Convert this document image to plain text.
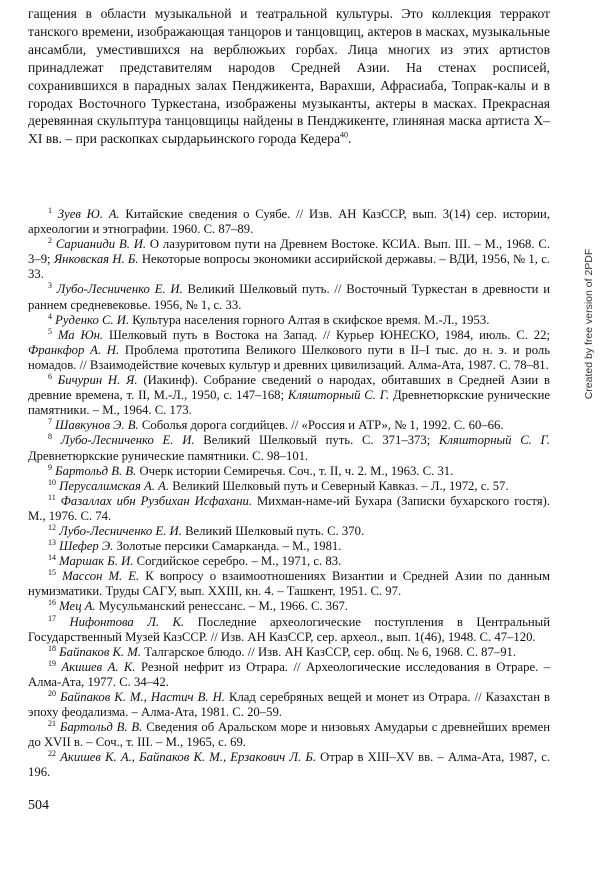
гащения в области музыкальной и театральной культуры. Это коллекция терракот танского времени, изображающая танцоров и танцовщиц, актеров в масках, музыкальные ансамбли, уместившихся на верблюжьих горбах. Лица многих из этих артистов принадлежат представителям народов Средней Азии. На стенах росписей, сохранившихся в парадных залах Пенджикента, Варахши, Афрасиаба, Топрак-калы и в городах Восточного Туркестана, изображены музыканты, актеры в масках. Прекрасная деревянная скульптура танцовщицы найдены в Пенджикенте, глиняная маска артиста X–XI вв. – при раскопках сырдарьинского города Кедера$^{40}$.

$^1$ Зуев Ю. А. Китайские сведения о Суябе. // Изв. АН КазССР, вып. 3(14) сер. истории, археологии и этнографии. 1960. С. 87–89.

$^2$ Сарианиди В. И. О лазуритовом пути на Древнем Востоке. КСИА. Вып. III. – М., 1968. С. 3–9; Янковская Н. Б. Некоторые вопросы экономики ассирийской державы. – ВДИ, 1956, № 1, с. 33.

$^3$ Лубо-Лесниченко Е. И. Великий Шелковый путь. // Восточный Туркестан в древности и раннем средневековье. 1956, № 1, с. 33.

$^4$ Руденко С. И. Культура населения горного Алтая в скифское время. М.-Л., 1953.

$^5$ Ма Юн. Шелковый путь в Востока на Запад. // Курьер ЮНЕСКО, 1984, июль. С. 22; Франкфор А. Н. Проблема прототипа Великого Шелкового пути в II–I тыс. до н. э. и роль номадов. // Взаимодействие кочевых культур и древних цивилизаций. Алма-Ата, 1987. С. 78–81.

$^6$ Бичурин Н. Я. (Иакинф). Собрание сведений о народах, обитавших в Средней Азии в древние времена, т. II, М.-Л., 1950, с. 147–168; Кляшторный С. Г. Древнетюркские рунические памятники. – М., 1964. С. 173.

$^7$ Шавкунов Э. В. Соболья дорога согдийцев. // «Россия и АТР», № 1, 1992. С. 60–66.

$^8$ Лубо-Лесниченко Е. И. Великий Шелковый путь. С. 371–373; Кляшторный С. Г. Древнетюркские рунические памятники. С. 98–101.

$^9$ Бартольд В. В. Очерк истории Семиречья. Соч., т. II, ч. 2. М., 1963. С. 31.

$^{10}$ Перусалимская А. А. Великий Шелковый путь и Северный Кавказ. – Л., 1972, с. 57.

$^{11}$ Фазаллах ибн Рузбихан Исфахани. Михман-наме-ий Бухара (Записки бухарского гостя). М., 1976. С. 74.

$^{12}$ Лубо-Лесниченко Е. И. Великий Шелковый путь. С. 370.

$^{13}$ Шефер Э. Золотые персики Самарканда. – М., 1981.

$^{14}$ Маршак Б. И. Согдийское серебро. – М., 1971, с. 83.

$^{15}$ Массон М. Е. К вопросу о взаимоотношениях Византии и Средней Азии по данным нумизматики. Труды САГУ, вып. XXIII, кн. 4. – Ташкент, 1951. С. 97.

$^{16}$ Мец А. Мусульманский ренессанс. – М., 1966. С. 367.

$^{17}$ Нифонтова Л. К. Последние археологические поступления в Центральный Государственный Музей КазССР. // Изв. АН КазССР, сер. археол., вып. 1(46), 1948. С. 47–120.

$^{18}$ Байпаков К. М. Талгарское блюдо. // Изв. АН КазССР, сер. общ. № 6, 1968. С. 87–91.

$^{19}$ Акишев А. К. Резной нефрит из Отрара. // Археологические исследования в Отраре. – Алма-Ата, 1977. С. 34–42.

$^{20}$ Байпаков К. М., Настич В. Н. Клад серебряных вещей и монет из Отрара. // Казахстан в эпоху феодализма. – Алма-Ата, 1981. С. 20–59.

$^{21}$ Бартольд В. В. Сведения об Аральском море и низовьях Амударьи с древнейших времен до XVII в. – Соч., т. III. – М., 1965, с. 69.

$^{22}$ Акишев К. А., Байпаков К. М., Ерзакович Л. Б. Отрар в XIII–XV вв. – Алма-Ата, 1987, с. 196.

504
Created by free version of 2PDF
